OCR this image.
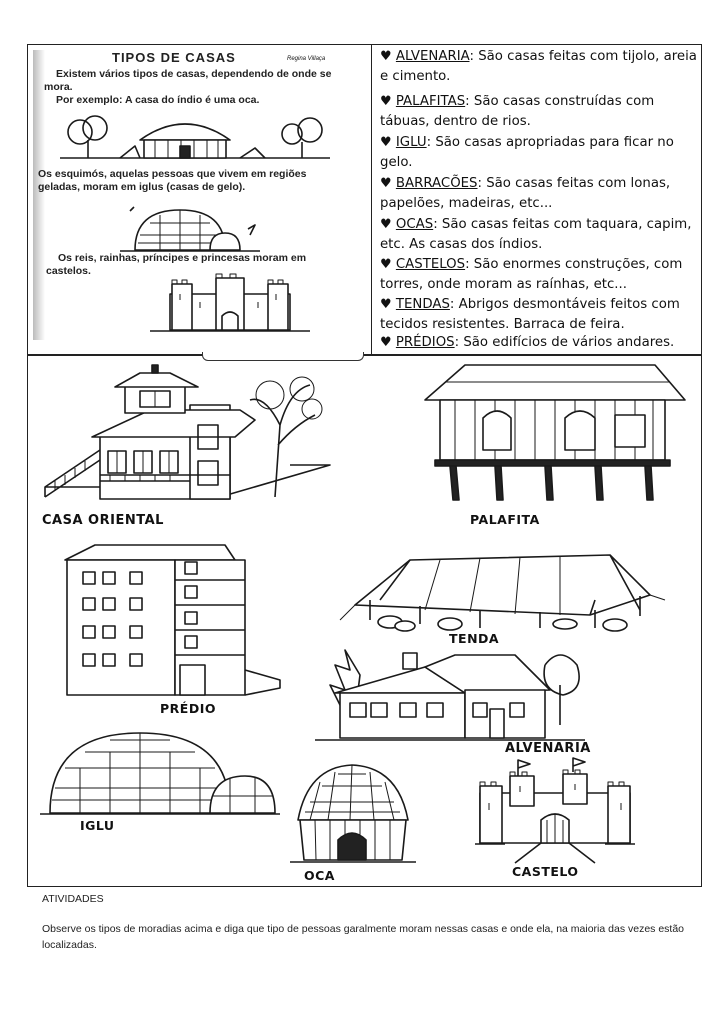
TIPOS DE CASAS	Regina Villaça
Existem vários tipos de casas, dependendo de onde se mora.
Por exemplo: A casa do índio é uma oca.
Os esquimós, aquelas pessoas que vivem em regiões geladas, moram em iglus (casas de gelo).
Os reis, rainhas, príncipes e princesas moram em castelos.
♥ ALVENARIA: São casas feitas com tijolo, areia e cimento.
♥ PALAFITAS: São casas construídas com tábuas, dentro de rios.
♥ IGLU: São casas apropriadas para ficar no gelo.
♥ BARRACÕES: São casas feitas com lonas, papelões, madeiras, etc...
♥ OCAS: São casas feitas com taquara, capim, etc. As casas dos índios.
♥ CASTELOS: São enormes construções, com torres, onde moram as raínhas, etc...
♥ TENDAS: Abrigos desmontáveis feitos com tecidos resistentes. Barraca de feira.
♥ PRÉDIOS: São edifícios de vários andares.
CASA ORIENTAL	PALAFITA
PRÉDIO
TENDA
ALVENARIA
IGLU
OCA	CASTELO
ATIVIDADES
Observe os tipos de moradias acima e diga que tipo de pessoas garalmente moram nessas casas e onde ela, na maioria das vezes estão localizadas.
